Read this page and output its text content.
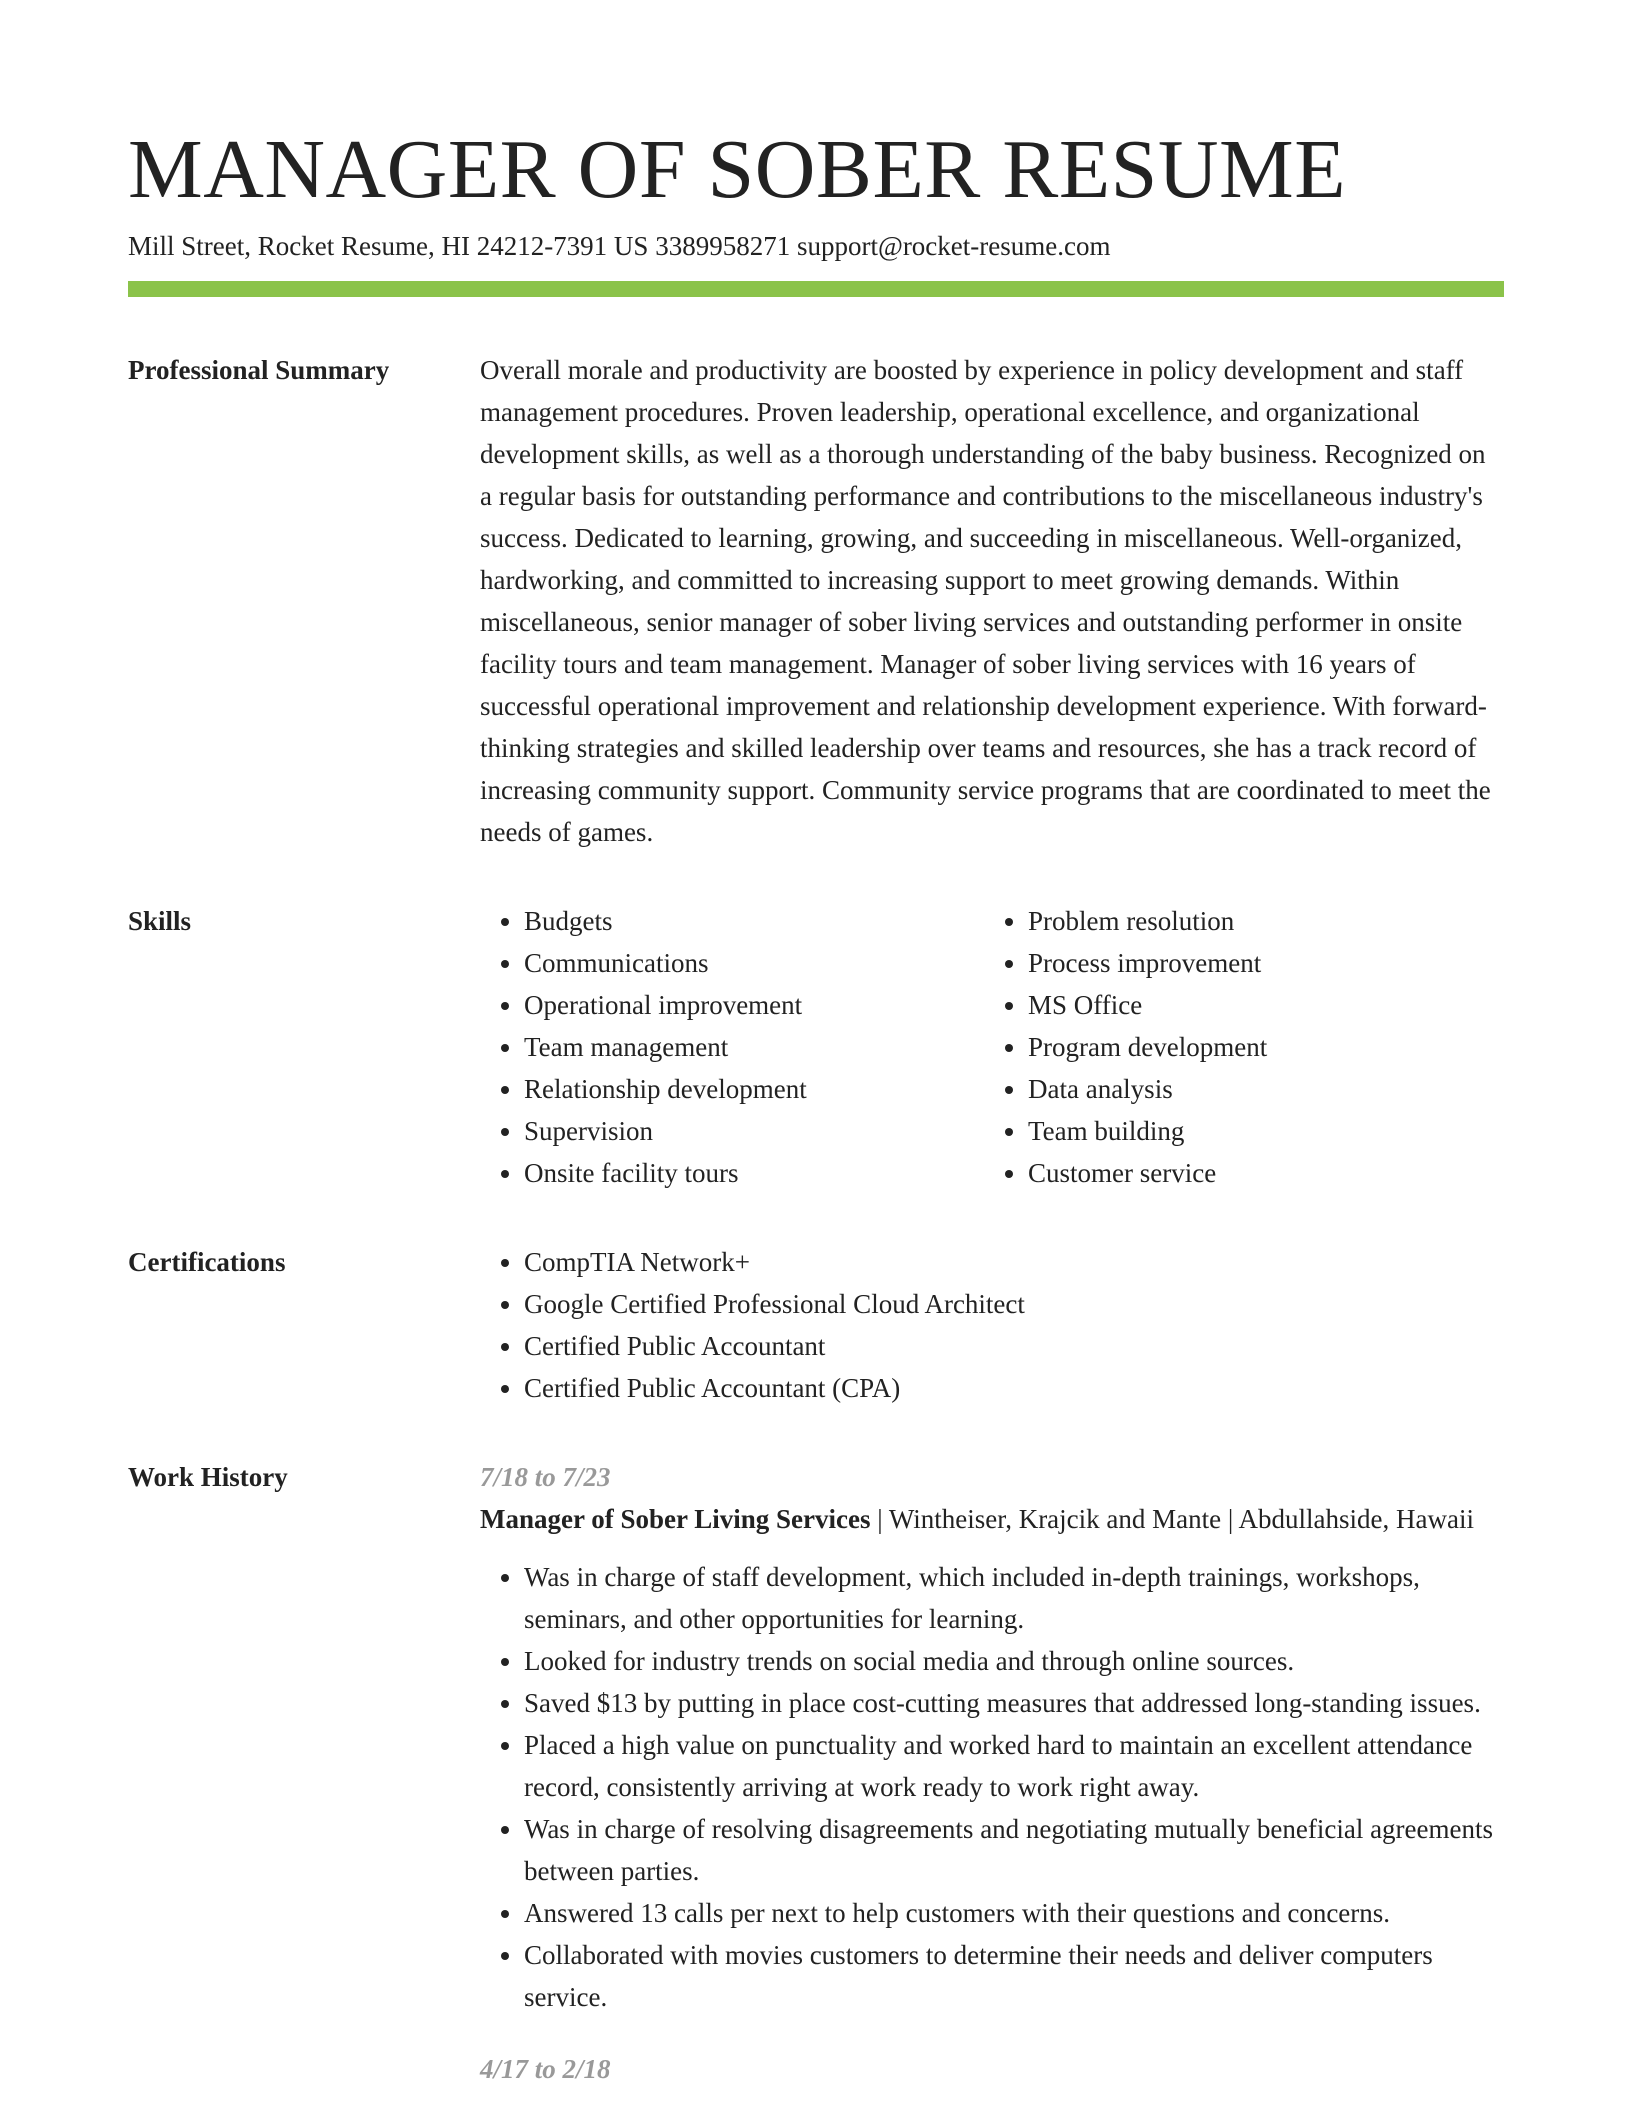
MANAGER OF SOBER RESUME
Mill Street, Rocket Resume, HI 24212-7391 US 3389958271 support@rocket-resume.com
Professional Summary	Overall morale and productivity are boosted by experience in policy development and staff management procedures. Proven leadership, operational excellence, and organizational development skills, as well as a thorough understanding of the baby business. Recognized on a regular basis for outstanding performance and contributions to the miscellaneous industry's success. Dedicated to learning, growing, and succeeding in miscellaneous. Well-organized, hardworking, and committed to increasing support to meet growing demands. Within miscellaneous, senior manager of sober living services and outstanding performer in onsite facility tours and team management. Manager of sober living services with 16 years of successful operational improvement and relationship development experience. With forward-thinking strategies and skilled leadership over teams and resources, she has a track record of increasing community support. Community service programs that are coordinated to meet the needs of games.

Skills	• Budgets
• Communications
• Operational improvement
• Team management
• Relationship development
• Supervision
• Onsite facility tours
• Problem resolution
• Process improvement
• MS Office
• Program development
• Data analysis
• Team building
• Customer service
Certifications	• CompTIA Network+
• Google Certified Professional Cloud Architect
• Certified Public Accountant
• Certified Public Accountant (CPA)
Work History	7/18 to 7/23

Manager of Sober Living Services | Wintheiser, Krajcik and Mante | Abdullahside, Hawaii

• Was in charge of staff development, which included in-depth trainings, workshops, seminars, and other opportunities for learning.
• Looked for industry trends on social media and through online sources.
• Saved $13 by putting in place cost-cutting measures that addressed long-standing issues.
• Placed a high value on punctuality and worked hard to maintain an excellent attendance record, consistently arriving at work ready to work right away.
• Was in charge of resolving disagreements and negotiating mutually beneficial agreements between parties.
• Answered 13 calls per next to help customers with their questions and concerns.
• Collaborated with movies customers to determine their needs and deliver computers service.
4/17 to 2/18
